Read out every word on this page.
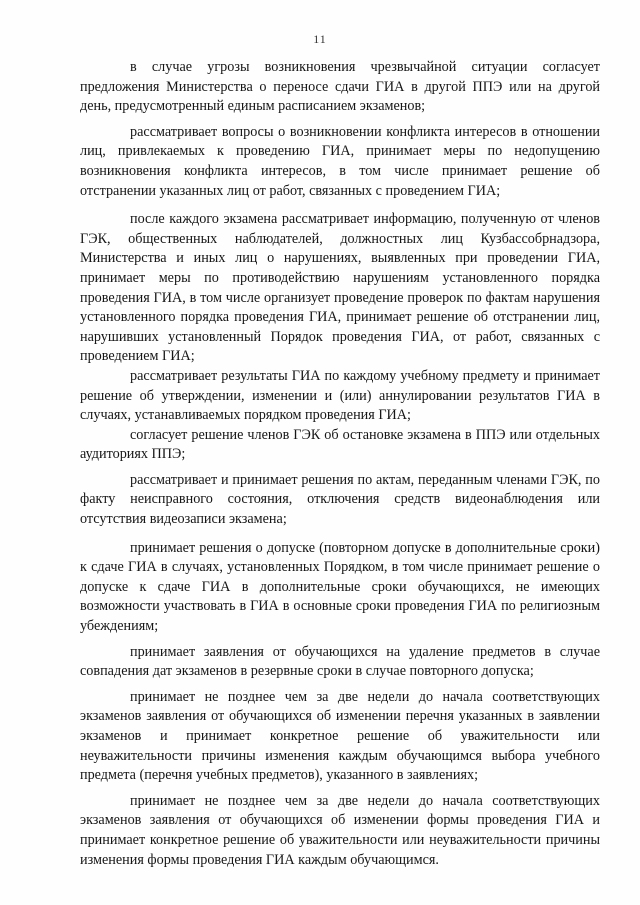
11

в случае угрозы возникновения чрезвычайной ситуации согласует предложения Министерства о переносе сдачи ГИА в другой ППЭ или на другой день, предусмотренный единым расписанием экзаменов;

рассматривает вопросы о возникновении конфликта интересов в отношении лиц, привлекаемых к проведению ГИА, принимает меры по недопущению возникновения конфликта интересов, в том числе принимает решение об отстранении указанных лиц от работ, связанных с проведением ГИА;

после каждого экзамена рассматривает информацию, полученную от членов ГЭК, общественных наблюдателей, должностных лиц Кузбассобрнадзора, Министерства и иных лиц о нарушениях, выявленных при проведении ГИА, принимает меры по противодействию нарушениям установленного порядка проведения ГИА, в том числе организует проведение проверок по фактам нарушения установленного порядка проведения ГИА, принимает решение об отстранении лиц, нарушивших установленный Порядок проведения ГИА, от работ, связанных с проведением ГИА;

рассматривает результаты ГИА по каждому учебному предмету и принимает решение об утверждении, изменении и (или) аннулировании результатов ГИА в случаях, устанавливаемых порядком проведения ГИА;

согласует решение членов ГЭК об остановке экзамена в ППЭ или отдельных аудиториях ППЭ;

рассматривает и принимает решения по актам, переданным членами ГЭК, по факту неисправного состояния, отключения средств видеонаблюдения или отсутствия видеозаписи экзамена;

принимает решения о допуске (повторном допуске в дополнительные сроки) к сдаче ГИА в случаях, установленных Порядком, в том числе принимает решение о допуске к сдаче ГИА в дополнительные сроки обучающихся, не имеющих возможности участвовать в ГИА в основные сроки проведения ГИА по религиозным убеждениям;

принимает заявления от обучающихся на удаление предметов в случае совпадения дат экзаменов в резервные сроки в случае повторного допуска;

принимает не позднее чем за две недели до начала соответствующих экзаменов заявления от обучающихся об изменении перечня указанных в заявлении экзаменов и принимает конкретное решение об уважительности или неуважительности причины изменения каждым обучающимся выбора учебного предмета (перечня учебных предметов), указанного в заявлениях;

принимает не позднее чем за две недели до начала соответствующих экзаменов заявления от обучающихся об изменении формы проведения ГИА и принимает конкретное решение об уважительности или неуважительности причины изменения формы проведения ГИА каждым обучающимся.
